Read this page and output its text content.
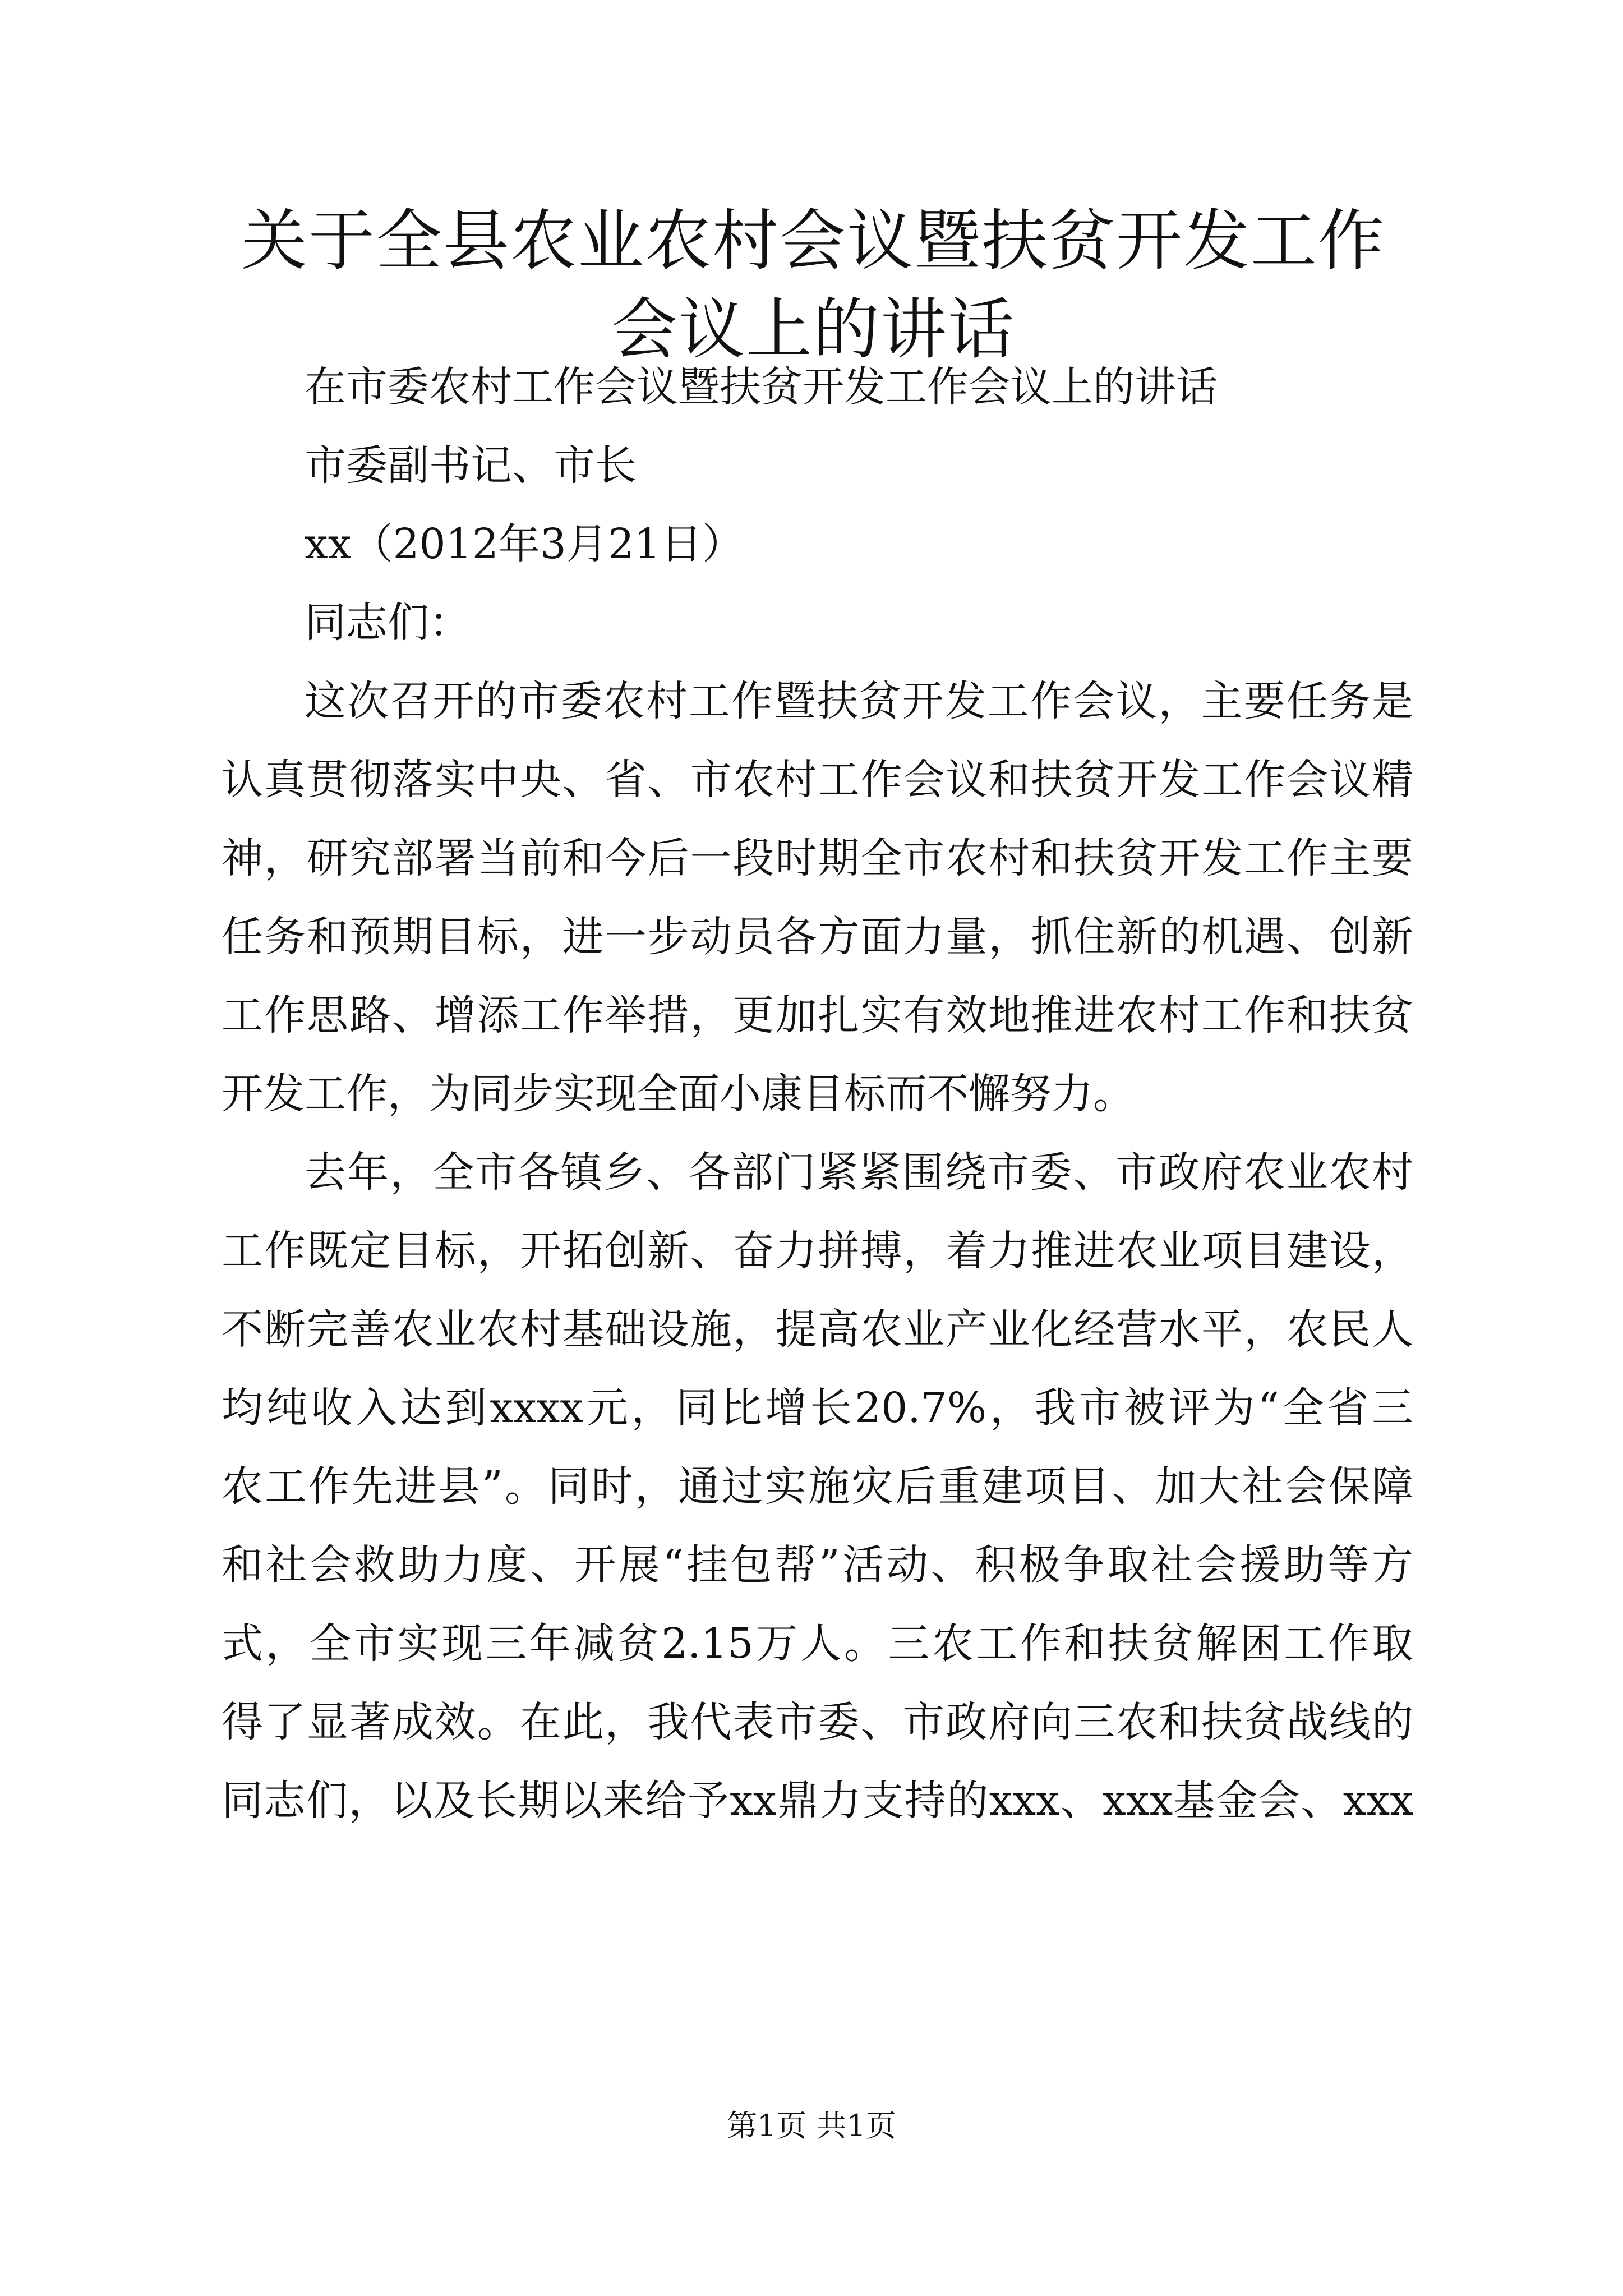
关于全县农业农村会议暨扶贫开发工作会议上的讲话

在市委农村工作会议暨扶贫开发工作会议上的讲话

市委副书记、市长

xx（2012年3月21日）

同志们：

这次召开的市委农村工作暨扶贫开发工作会议，主要任务是

认真贯彻落实中央、省、市农村工作会议和扶贫开发工作会议精

神，研究部署当前和今后一段时期全市农村和扶贫开发工作主要

任务和预期目标，进一步动员各方面力量，抓住新的机遇、创新

工作思路、增添工作举措，更加扎实有效地推进农村工作和扶贫

开发工作，为同步实现全面小康目标而不懈努力。

去年，全市各镇乡、各部门紧紧围绕市委、市政府农业农村

工作既定目标，开拓创新、奋力拼搏，着力推进农业项目建设，

不断完善农业农村基础设施，提高农业产业化经营水平，农民人

均纯收入达到xxxx元，同比增长20.7%，我市被评为“全省三

农工作先进县”。同时，通过实施灾后重建项目、加大社会保障

和社会救助力度、开展“挂包帮”活动、积极争取社会援助等方

式，全市实现三年减贫2.15万人。三农工作和扶贫解困工作取

得了显著成效。在此，我代表市委、市政府向三农和扶贫战线的

同志们，以及长期以来给予xx鼎力支持的xxx、xxx基金会、xxx

第1页 共1页
